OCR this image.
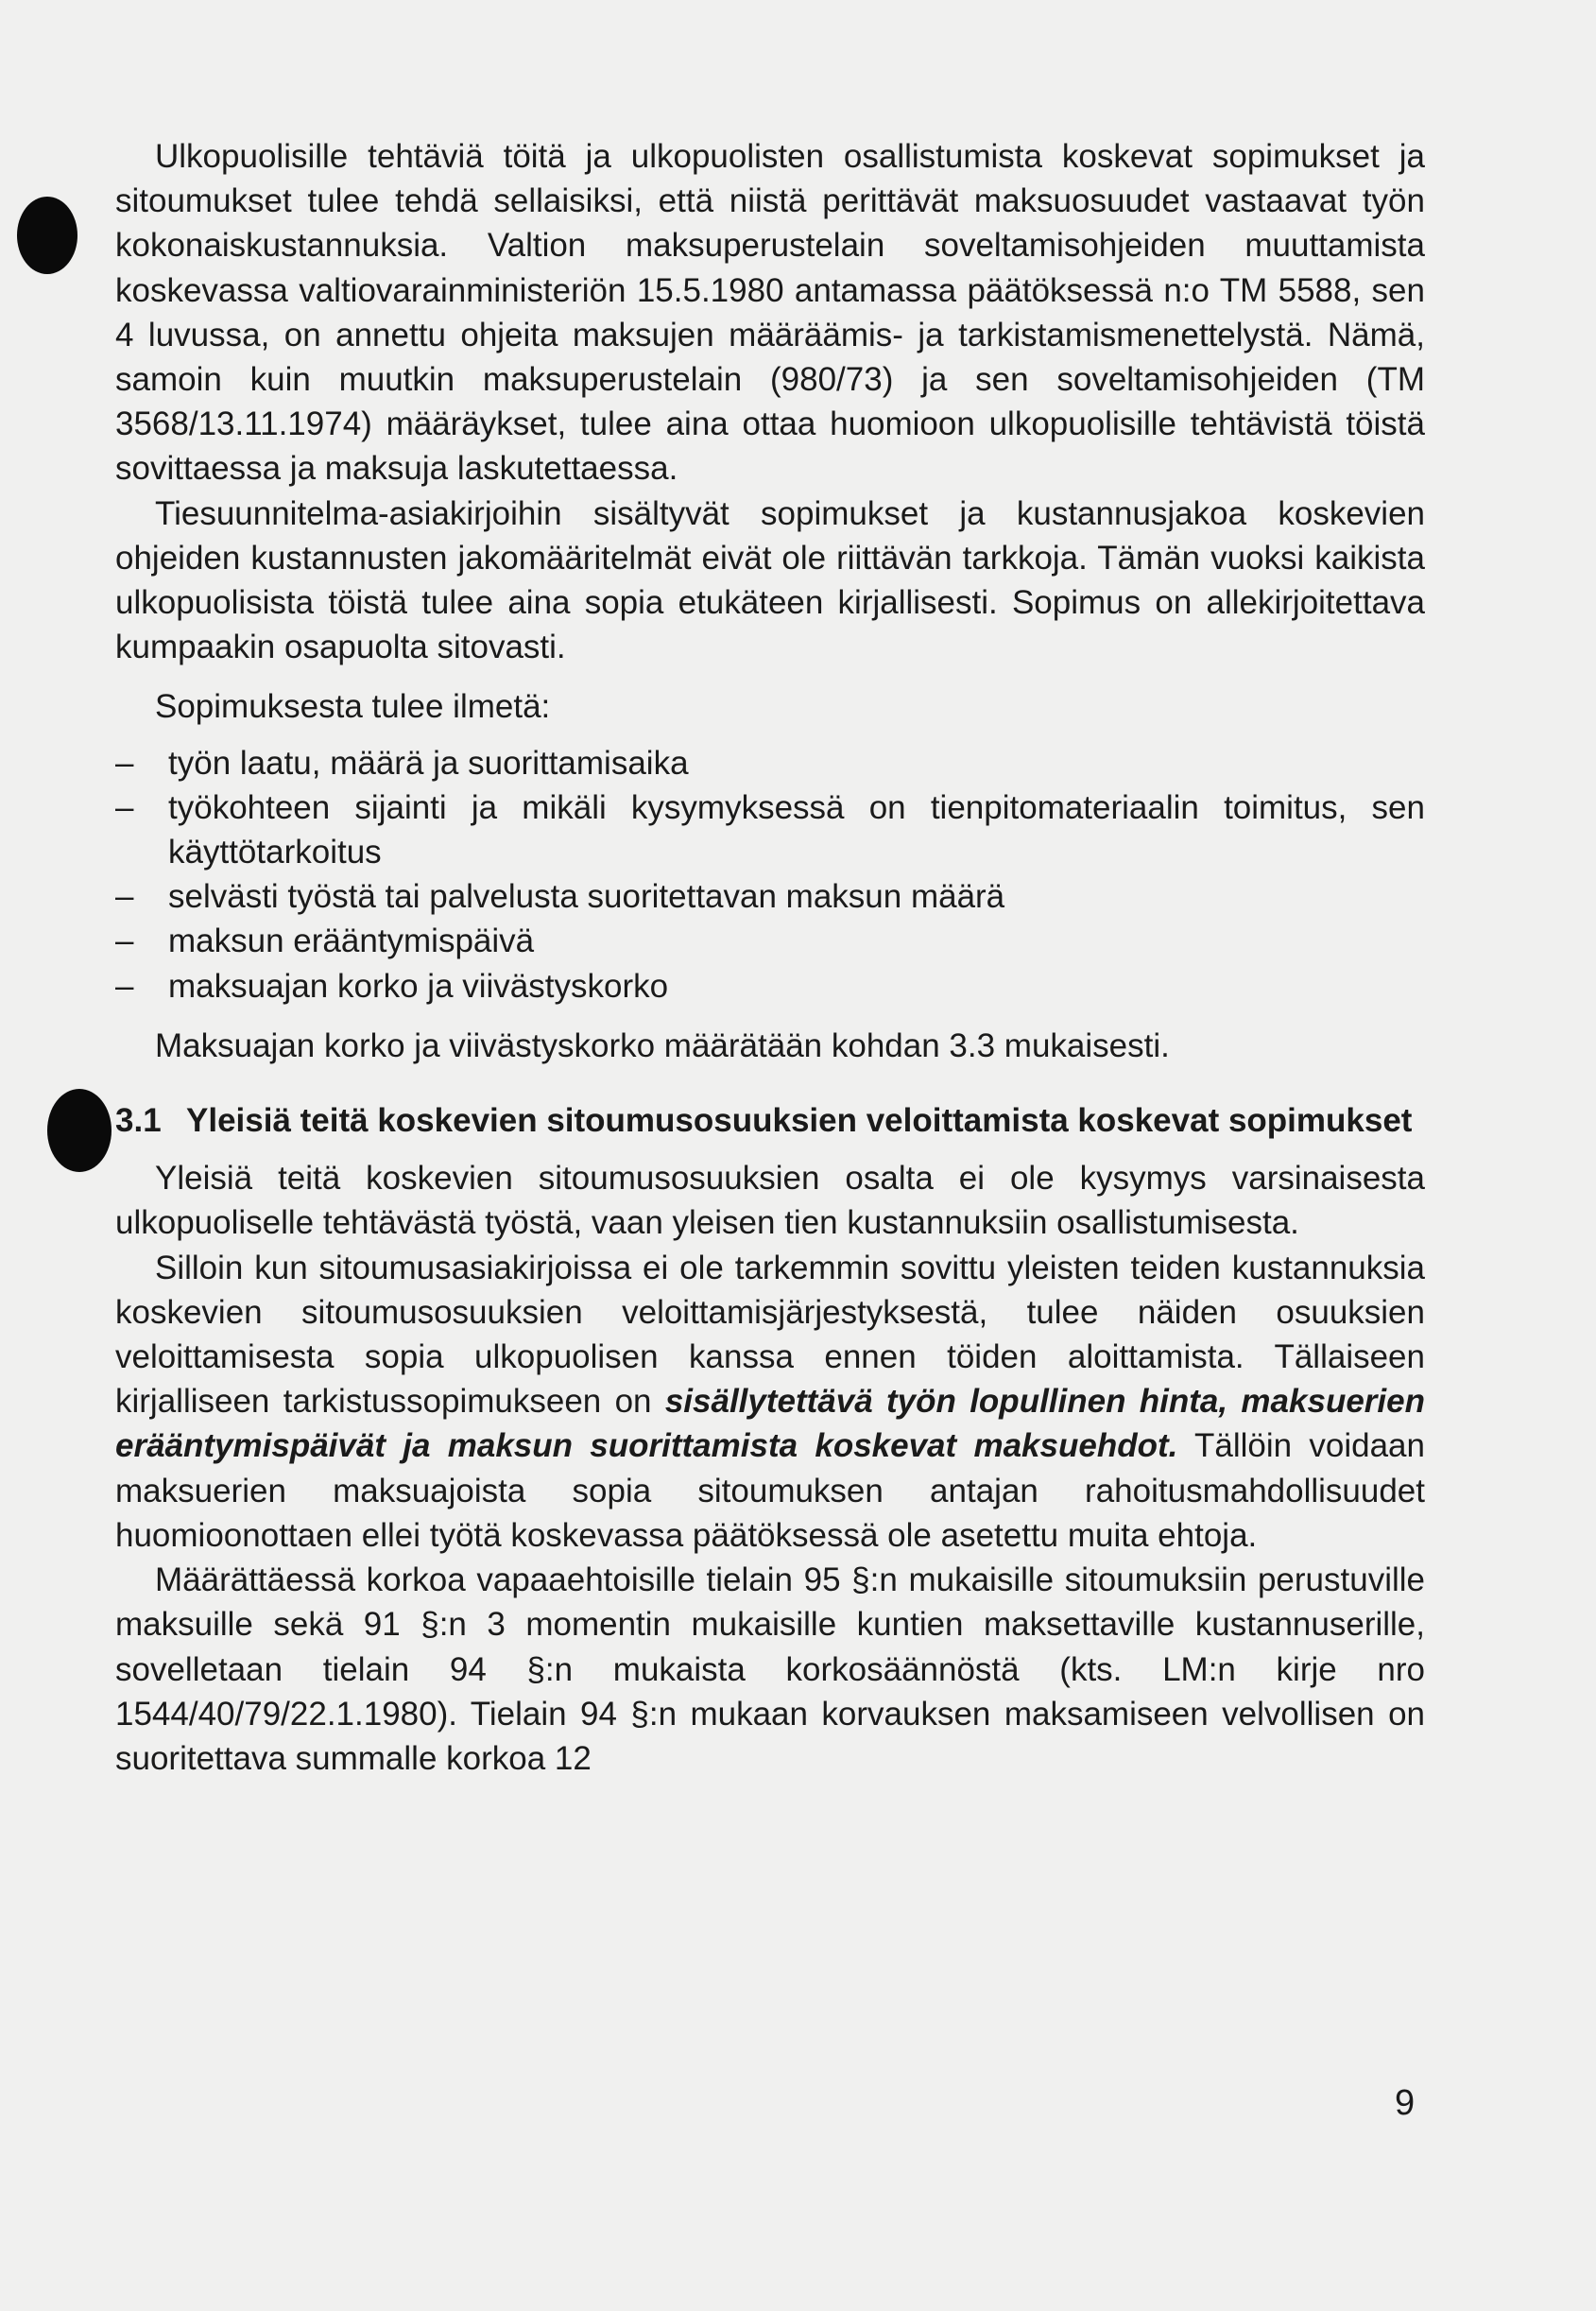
Ulkopuolisille tehtäviä töitä ja ulkopuolisten osallistumista koskevat sopimukset ja sitoumukset tulee tehdä sellaisiksi, että niistä perittävät maksuosuudet vastaavat työn kokonaiskustannuksia. Valtion maksuperustelain soveltamisohjeiden muuttamista koskevassa valtiovarainministeriön 15.5.1980 antamassa päätöksessä n:o TM 5588, sen 4 luvussa, on annettu ohjeita maksujen määräämis- ja tarkistamismenettelystä. Nämä, samoin kuin muutkin maksuperustelain (980/73) ja sen soveltamisohjeiden (TM 3568/13.11.1974) määräykset, tulee aina ottaa huomioon ulkopuolisille tehtävistä töistä sovittaessa ja maksuja laskutettaessa.

Tiesuunnitelma-asiakirjoihin sisältyvät sopimukset ja kustannusjakoa koskevien ohjeiden kustannusten jakomääritelmät eivät ole riittävän tarkkoja. Tämän vuoksi kaikista ulkopuolisista töistä tulee aina sopia etukäteen kirjallisesti. Sopimus on allekirjoitettava kumpaakin osapuolta sitovasti.

Sopimuksesta tulee ilmetä:

– työn laatu, määrä ja suorittamisaika
– työkohteen sijainti ja mikäli kysymyksessä on tienpitomateriaalin toimitus, sen käyttötarkoitus
– selvästi työstä tai palvelusta suoritettavan maksun määrä
– maksun erääntymispäivä
– maksuajan korko ja viivästyskorko

Maksuajan korko ja viivästyskorko määrätään kohdan 3.3 mukaisesti.

3.1 Yleisiä teitä koskevien sitoumusosuuksien veloittamista koskevat sopimukset

Yleisiä teitä koskevien sitoumusosuuksien osalta ei ole kysymys varsinaisesta ulkopuoliselle tehtävästä työstä, vaan yleisen tien kustannuksiin osallistumisesta.

Silloin kun sitoumusasiakirjoissa ei ole tarkemmin sovittu yleisten teiden kustannuksia koskevien sitoumusosuuksien veloittamisjärjestyksestä, tulee näiden osuuksien veloittamisesta sopia ulkopuolisen kanssa ennen töiden aloittamista. Tällaiseen kirjalliseen tarkistussopimukseen on sisällytettävä työn lopullinen hinta, maksuerien erääntymispäivät ja maksun suorittamista koskevat maksuehdot. Tällöin voidaan maksuerien maksuajoista sopia sitoumuksen antajan rahoitusmahdollisuudet huomioonottaen ellei työtä koskevassa päätöksessä ole asetettu muita ehtoja.

Määrättäessä korkoa vapaaehtoisille tielain 95 §:n mukaisille sitoumuksiin perustuville maksuille sekä 91 §:n 3 momentin mukaisille kuntien maksettaville kustannuserille, sovelletaan tielain 94 §:n mukaista korkosäännöstä (kts. LM:n kirje nro 1544/40/79/22.1.1980). Tielain 94 §:n mukaan korvauksen maksamiseen velvollisen on suoritettava summalle korkoa 12

9
